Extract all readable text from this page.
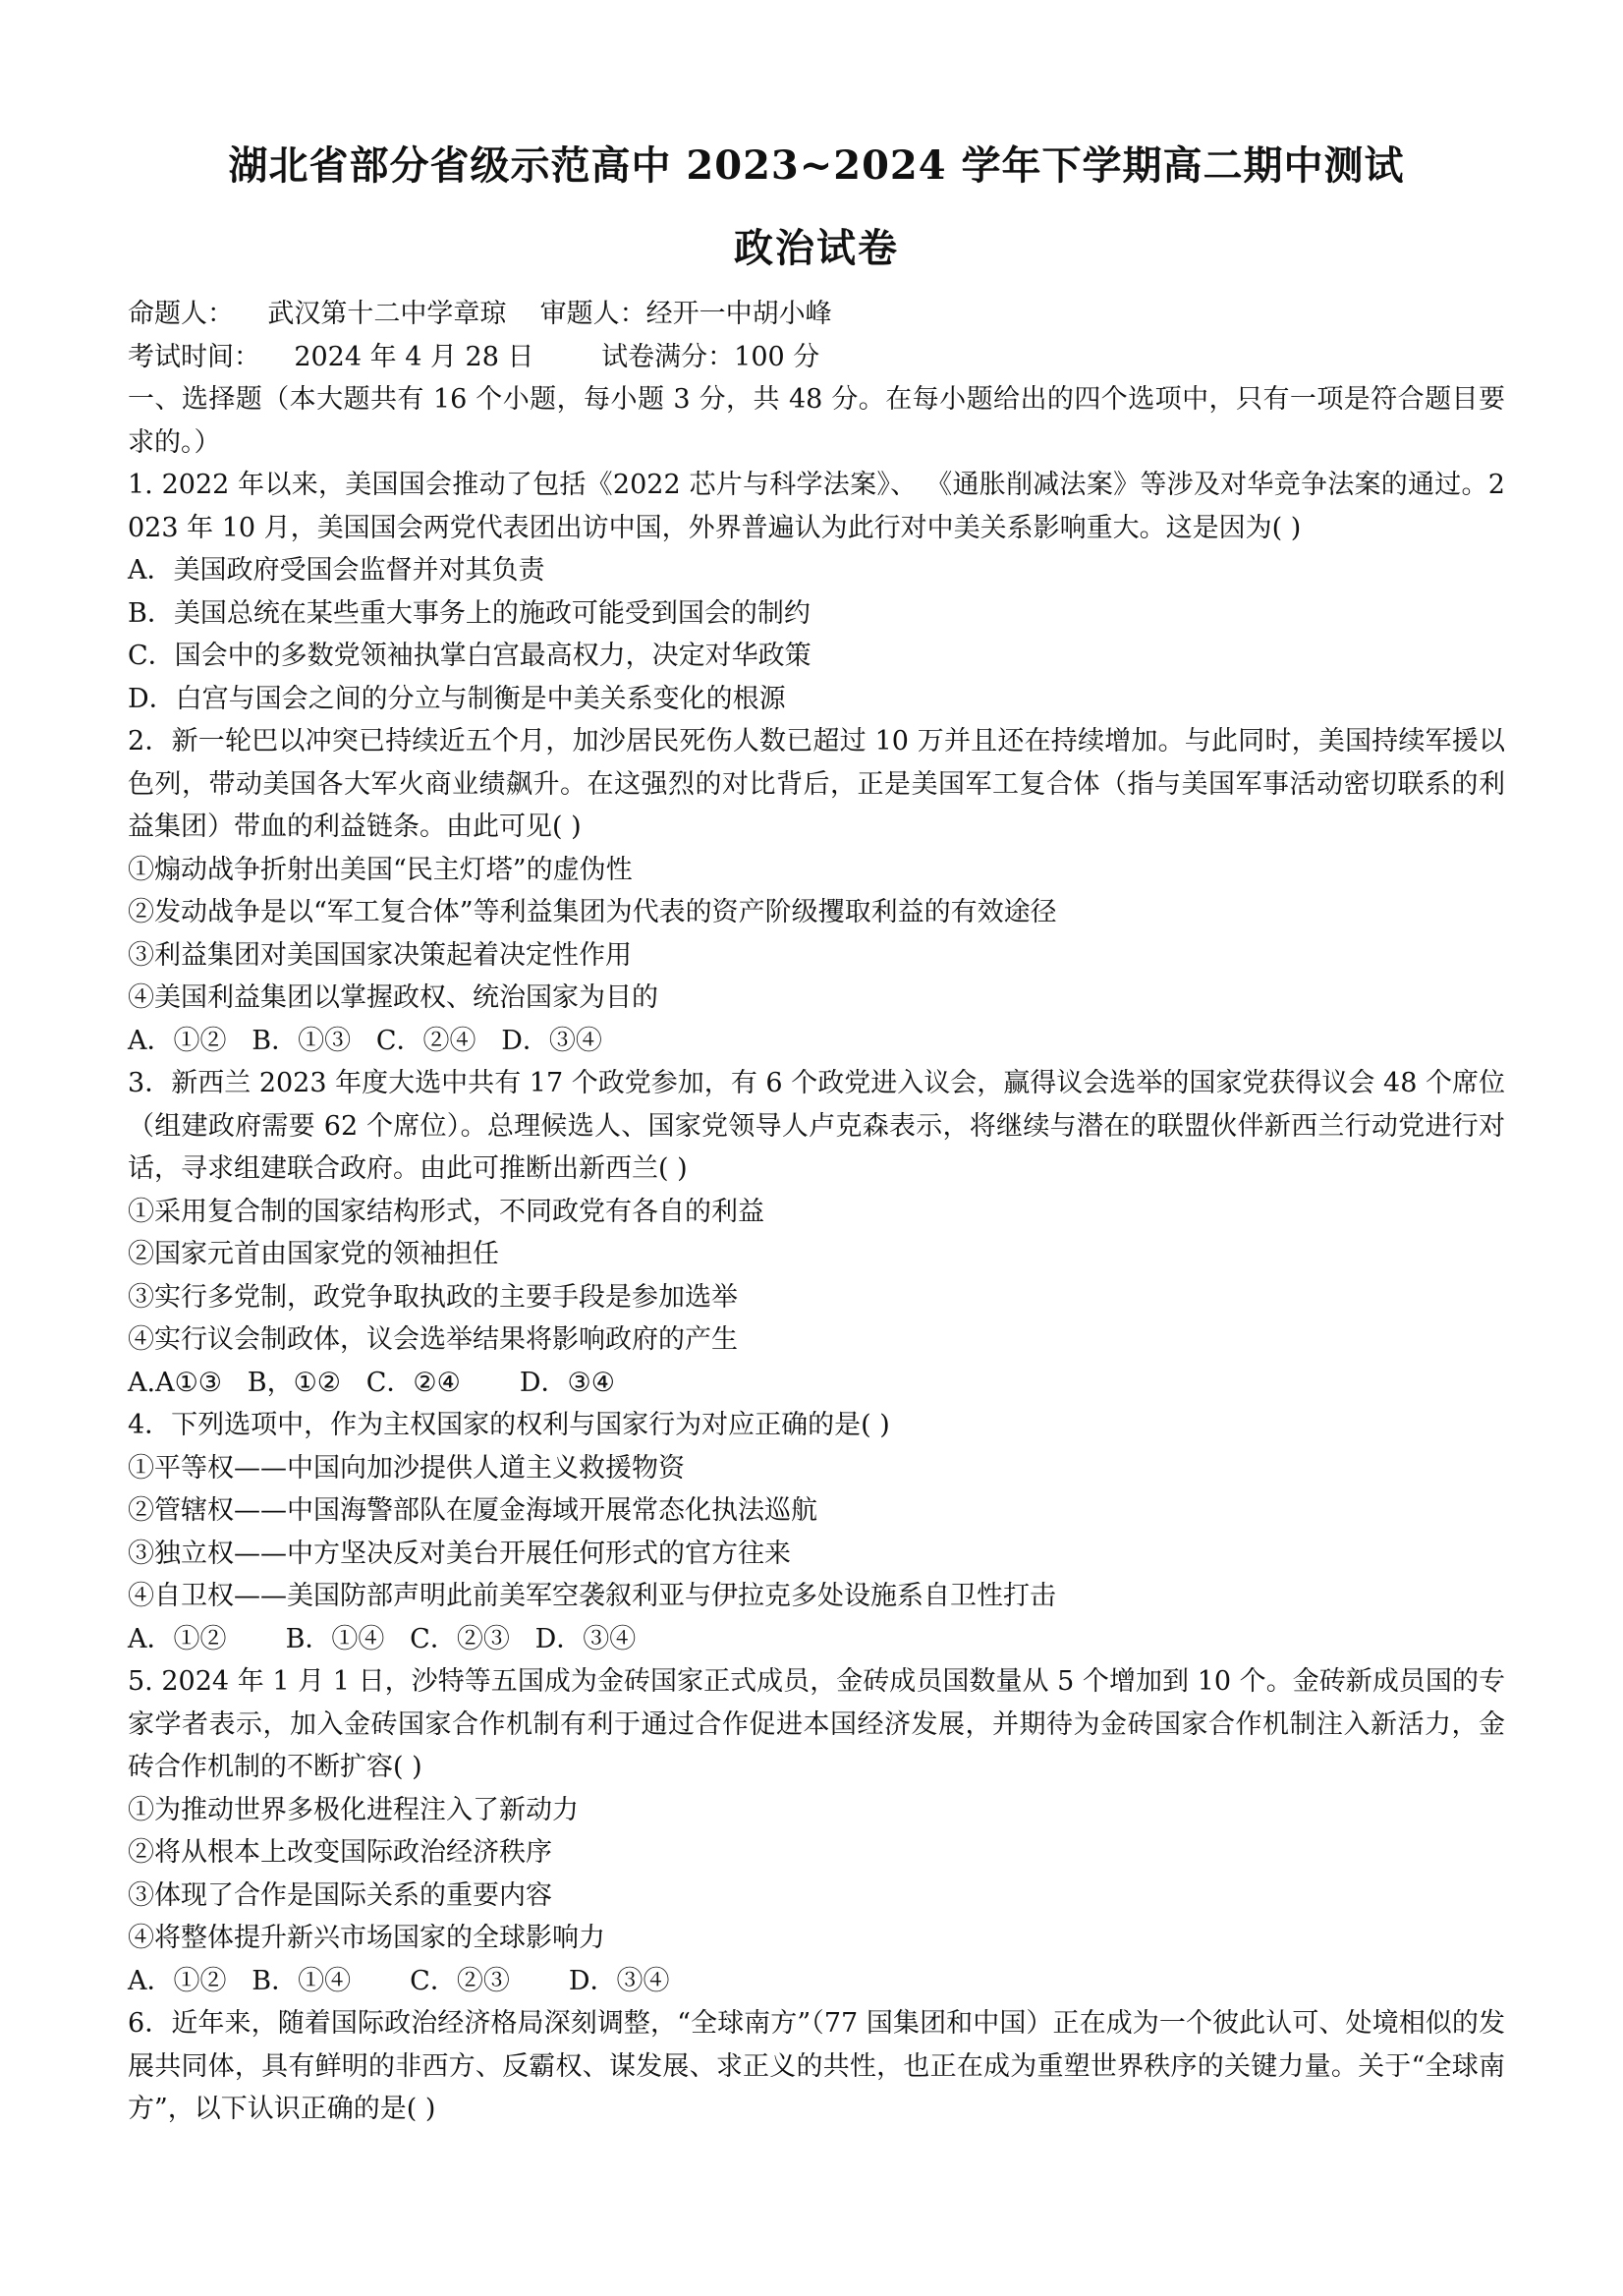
湖北省部分省级示范高中 2023~2024 学年下学期高二期中测试
政治试卷

命题人：    武汉第十二中学章琼    审题人：经开一中胡小峰

考试时间：    2024 年 4 月 28 日        试卷满分：100 分

一、选择题（本大题共有 16 个小题，每小题 3 分，共 48 分。在每小题给出的四个选项中，只有一项是符合题目要求的。）

1. 2022 年以来，美国国会推动了包括《2022 芯片与科学法案》、 《通胀削减法案》等涉及对华竞争法案的通过。2023 年 10 月，美国国会两党代表团出访中国，外界普遍认为此行对中美关系影响重大。这是因为( )

A．美国政府受国会监督并对其负责

B．美国总统在某些重大事务上的施政可能受到国会的制约

C．国会中的多数党领袖执掌白宫最高权力，决定对华政策

D．白宫与国会之间的分立与制衡是中美关系变化的根源

2．新一轮巴以冲突已持续近五个月，加沙居民死伤人数已超过 10 万并且还在持续增加。与此同时，美国持续军援以色列，带动美国各大军火商业绩飙升。在这强烈的对比背后，正是美国军工复合体（指与美国军事活动密切联系的利益集团）带血的利益链条。由此可见( )

①煽动战争折射出美国“民主灯塔”的虚伪性

②发动战争是以“军工复合体”等利益集团为代表的资产阶级攫取利益的有效途径

③利益集团对美国国家决策起着决定性作用

④美国利益集团以掌握政权、统治国家为目的

A．①②   B．①③   C．②④   D．③④

3．新西兰 2023 年度大选中共有 17 个政党参加，有 6 个政党进入议会，赢得议会选举的国家党获得议会 48 个席位（组建政府需要 62 个席位）。总理候选人、国家党领导人卢克森表示，将继续与潜在的联盟伙伴新西兰行动党进行对话，寻求组建联合政府。由此可推断出新西兰( )

①采用复合制的国家结构形式，不同政党有各自的利益

②国家元首由国家党的领袖担任

③实行多党制，政党争取执政的主要手段是参加选举

④实行议会制政体，议会选举结果将影响政府的产生

A.A①③   B，①②   C．②④       D．③④

4．下列选项中，作为主权国家的权利与国家行为对应正确的是( )

①平等权——中国向加沙提供人道主义救援物资

②管辖权——中国海警部队在厦金海域开展常态化执法巡航

③独立权——中方坚决反对美台开展任何形式的官方往来

④自卫权——美国防部声明此前美军空袭叙利亚与伊拉克多处设施系自卫性打击

A．①②       B．①④   C．②③   D．③④

5. 2024 年 1 月 1 日，沙特等五国成为金砖国家正式成员，金砖成员国数量从 5 个增加到 10 个。金砖新成员国的专家学者表示，加入金砖国家合作机制有利于通过合作促进本国经济发展，并期待为金砖国家合作机制注入新活力，金砖合作机制的不断扩容( )

①为推动世界多极化进程注入了新动力

②将从根本上改变国际政治经济秩序

③体现了合作是国际关系的重要内容

④将整体提升新兴市场国家的全球影响力

A．①②   B．①④       C．②③       D．③④

6．近年来，随着国际政治经济格局深刻调整，“全球南方”（77 国集团和中国）正在成为一个彼此认可、处境相似的发展共同体，具有鲜明的非西方、反霸权、谋发展、求正义的共性，也正在成为重塑世界秩序的关键力量。关于“全球南方”，以下认识正确的是( )
